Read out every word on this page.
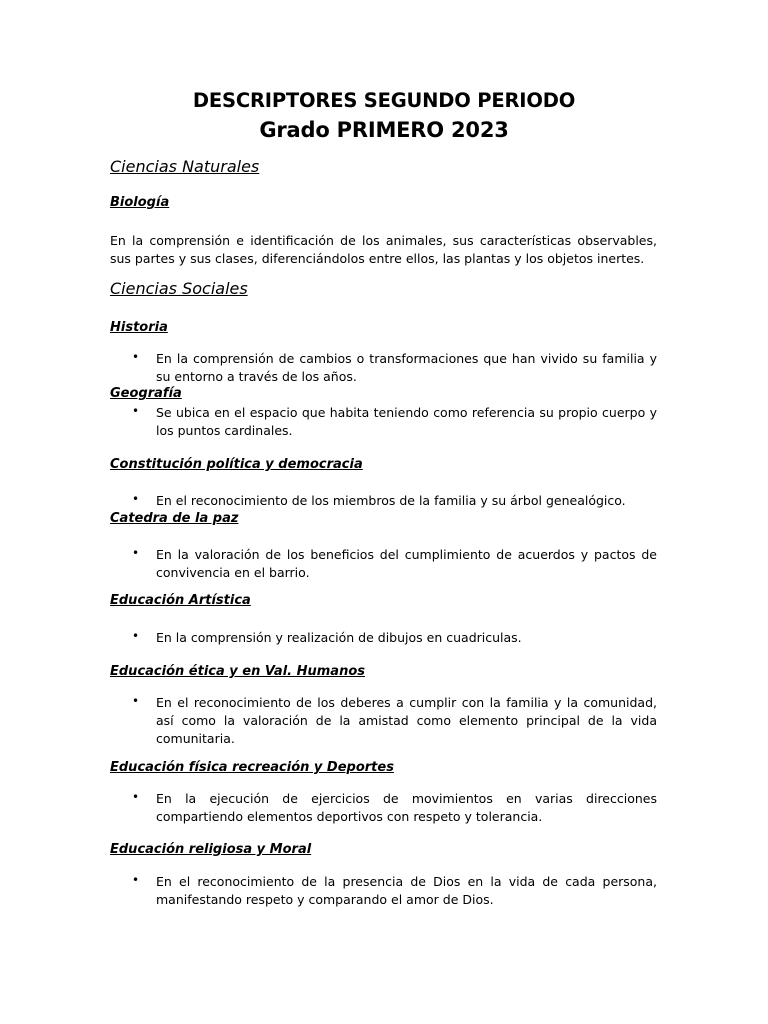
DESCRIPTORES SEGUNDO PERIODO
Grado PRIMERO 2023
Ciencias Naturales
Biología
En la comprensión e identificación de los animales, sus características observables, sus partes y sus clases, diferenciándolos entre ellos, las plantas y los objetos inertes.
Ciencias Sociales
Historia
• En la comprensión de cambios o transformaciones que han vivido su familia y su entorno a través de los años.
Geografía
• Se ubica en el espacio que habita teniendo como referencia su propio cuerpo y los puntos cardinales.
Constitución política y democracia
• En el reconocimiento de los miembros de la familia y su árbol genealógico.
Catedra de la paz
• En la valoración de los beneficios del cumplimiento de acuerdos y pactos de convivencia en el barrio.
Educación Artística
• En la comprensión y realización de dibujos en cuadriculas.
Educación ética y en Val. Humanos
• En el reconocimiento de los deberes a cumplir con la familia y la comunidad, así como la valoración de la amistad como elemento principal de la vida comunitaria.
Educación física recreación y Deportes
• En la ejecución de ejercicios de movimientos en varias direcciones compartiendo elementos deportivos con respeto y tolerancia.
Educación religiosa y Moral
• En el reconocimiento de la presencia de Dios en la vida de cada persona, manifestando respeto y comparando el amor de Dios.
